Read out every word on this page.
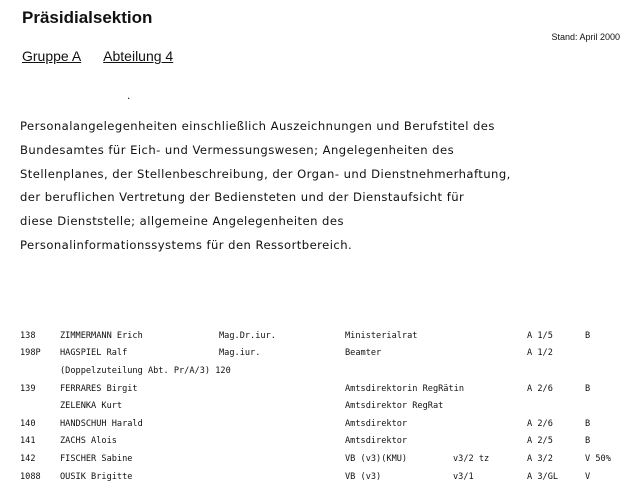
Präsidialsektion
Stand: April 2000
Gruppe A Abteilung 4
.
Personalangelegenheiten einschließlich Auszeichnungen und Berufstitel des
Bundesamtes für Eich- und Vermessungswesen; Angelegenheiten des
Stellenplanes, der Stellenbeschreibung, der Organ- und Dienstnehmerhaftung,
der beruflichen Vertretung der Bediensteten und der Dienstaufsicht für
diese Dienststelle; allgemeine Angelegenheiten des
Personalinformationssystems für den Ressortbereich.
138	ZIMMERMANN Erich	Mag.Dr.iur.	Ministerialrat		A 1/5	B
198P	HAGSPIEL Ralf	Mag.iur.	Beamter		A 1/2	
	(Doppelzuteilung Abt. Pr/A/3) 120					
139	FERRARES Birgit		Amtsdirektorin RegRätin		A 2/6	B
	ZELENKA Kurt		Amtsdirektor RegRat			
140	HANDSCHUH Harald		Amtsdirektor		A 2/6	B
141	ZACHS Alois		Amtsdirektor		A 2/5	B
142	FISCHER Sabine		VB (v3)(KMU)	v3/2 tz	A 3/2	V 50%
1088	OUSIK Brigitte		VB (v3)	v3/1	A 3/GL	V
